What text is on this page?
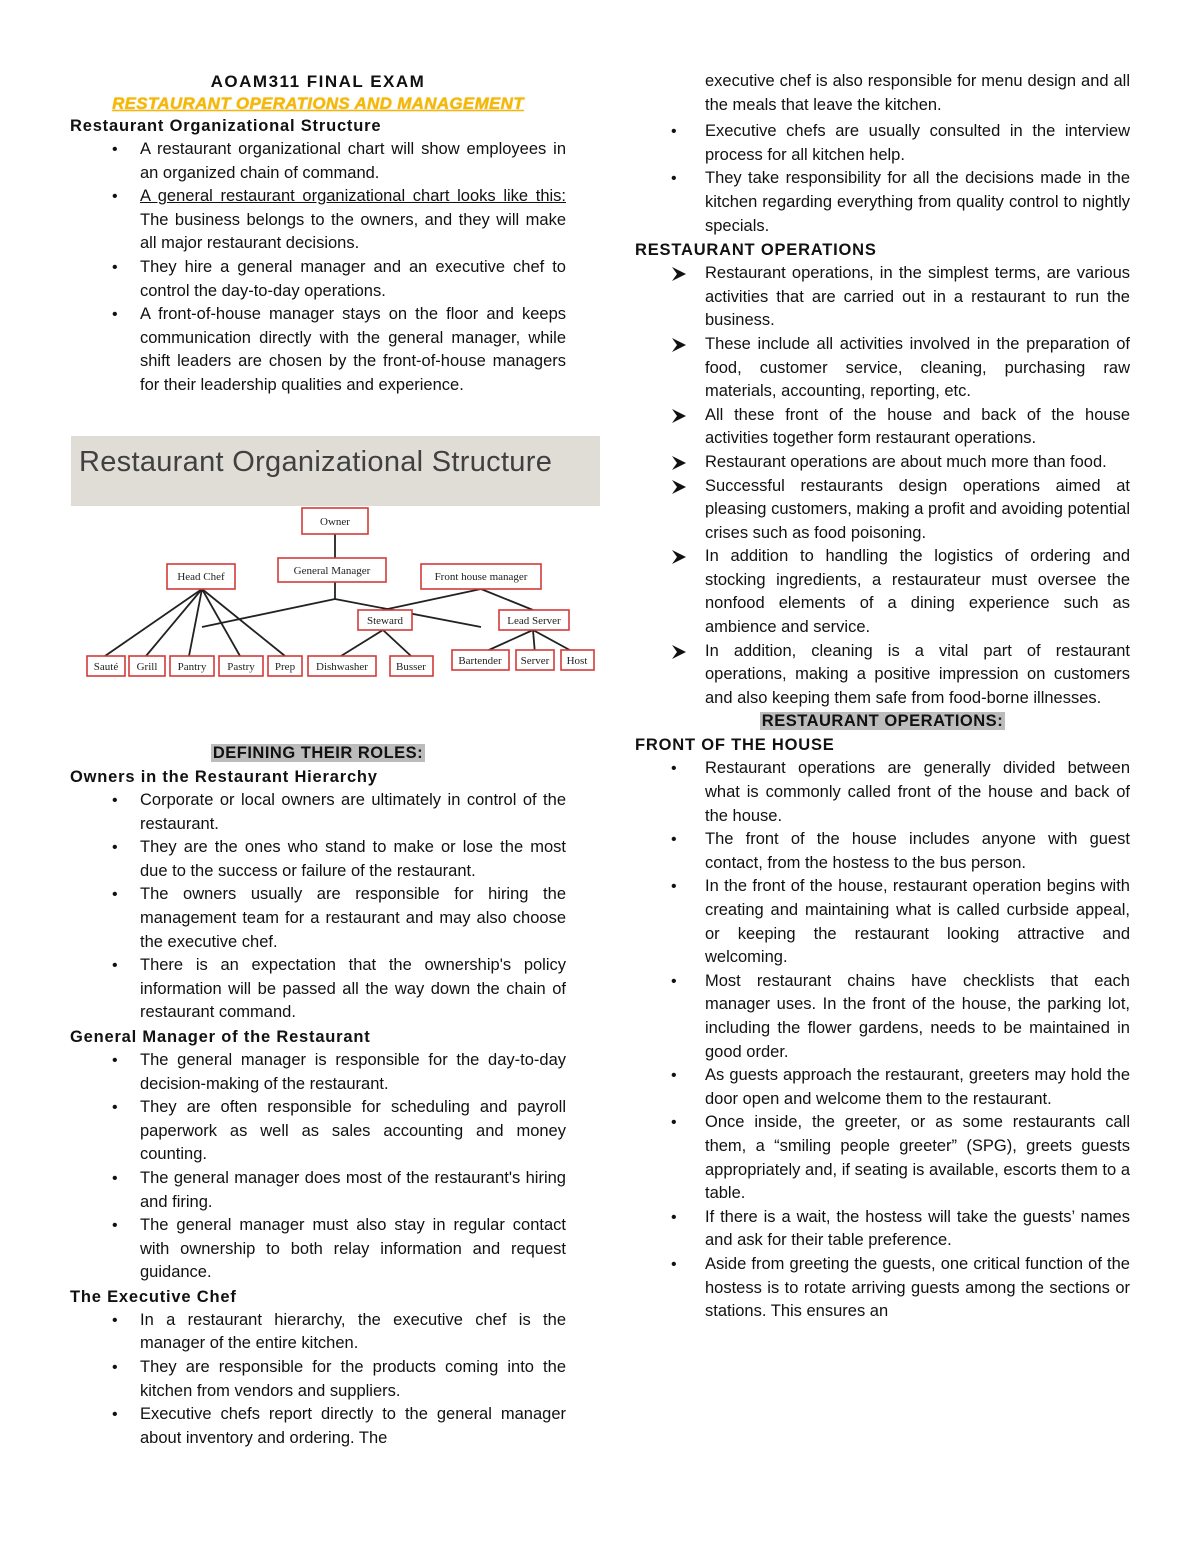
AOAM311 FINAL EXAM
RESTAURANT OPERATIONS AND MANAGEMENT
Restaurant Organizational Structure
• A restaurant organizational chart will show employees in an organized chain of command.
• A general restaurant organizational chart looks like this: The business belongs to the owners, and they will make all major restaurant decisions.
• They hire a general manager and an executive chef to control the day-to-day operations.
• A front-of-house manager stays on the floor and keeps communication directly with the general manager, while shift leaders are chosen by the front-of-house managers for their leadership qualities and experience.
Restaurant Organizational Structure
Owner
General Manager
Head Chef	Front house manager
Steward	Lead Server
Sauté Grill Pantry Pastry Prep Dishwasher	Busser	Bartender Server Host
DEFINING THEIR ROLES:
Owners in the Restaurant Hierarchy
• Corporate or local owners are ultimately in control of the restaurant.
• They are the ones who stand to make or lose the most due to the success or failure of the restaurant.
• The owners usually are responsible for hiring the management team for a restaurant and may also choose the executive chef.
• There is an expectation that the ownership's policy information will be passed all the way down the chain of restaurant command.
General Manager of the Restaurant
• The general manager is responsible for the day-to-day decision-making of the restaurant.
• They are often responsible for scheduling and payroll paperwork as well as sales accounting and money counting.
• The general manager does most of the restaurant's hiring and firing.
• The general manager must also stay in regular contact with ownership to both relay information and request guidance.
The Executive Chef
• In a restaurant hierarchy, the executive chef is the manager of the entire kitchen.
• They are responsible for the products coming into the kitchen from vendors and suppliers.
• Executive chefs report directly to the general manager about inventory and ordering. The

executive chef is also responsible for menu design and all the meals that leave the kitchen.

• Executive chefs are usually consulted in the interview process for all kitchen help.
• They take responsibility for all the decisions made in the kitchen regarding everything from quality control to nightly specials.
RESTAURANT OPERATIONS
Restaurant operations, in the simplest terms, are various activities that are carried out in a restaurant to run the business.
These include all activities involved in the preparation of food, customer service, cleaning, purchasing raw materials, accounting, reporting, etc.
All these front of the house and back of the house activities together form restaurant operations.
Restaurant operations are about much more than food.
Successful restaurants design operations aimed at pleasing customers, making a profit and avoiding potential crises such as food poisoning.
In addition to handling the logistics of ordering and stocking ingredients, a restaurateur must oversee the nonfood elements of a dining experience such as ambience and service.
In addition, cleaning is a vital part of restaurant operations, making a positive impression on customers and also keeping them safe from food-borne illnesses.
RESTAURANT OPERATIONS:
FRONT OF THE HOUSE
• Restaurant operations are generally divided between what is commonly called front of the house and back of the house.
• The front of the house includes anyone with guest contact, from the hostess to the bus person.
• In the front of the house, restaurant operation begins with creating and maintaining what is called curbside appeal, or keeping the restaurant looking attractive and welcoming.
• Most restaurant chains have checklists that each manager uses. In the front of the house, the parking lot, including the flower gardens, needs to be maintained in good order.
• As guests approach the restaurant, greeters may hold the door open and welcome them to the restaurant.
• Once inside, the greeter, or as some restaurants call them, a “smiling people greeter” (SPG), greets guests appropriately and, if seating is available, escorts them to a table.
• If there is a wait, the hostess will take the guests’ names and ask for their table preference.
• Aside from greeting the guests, one critical function of the hostess is to rotate arriving guests among the sections or stations. This ensures an
